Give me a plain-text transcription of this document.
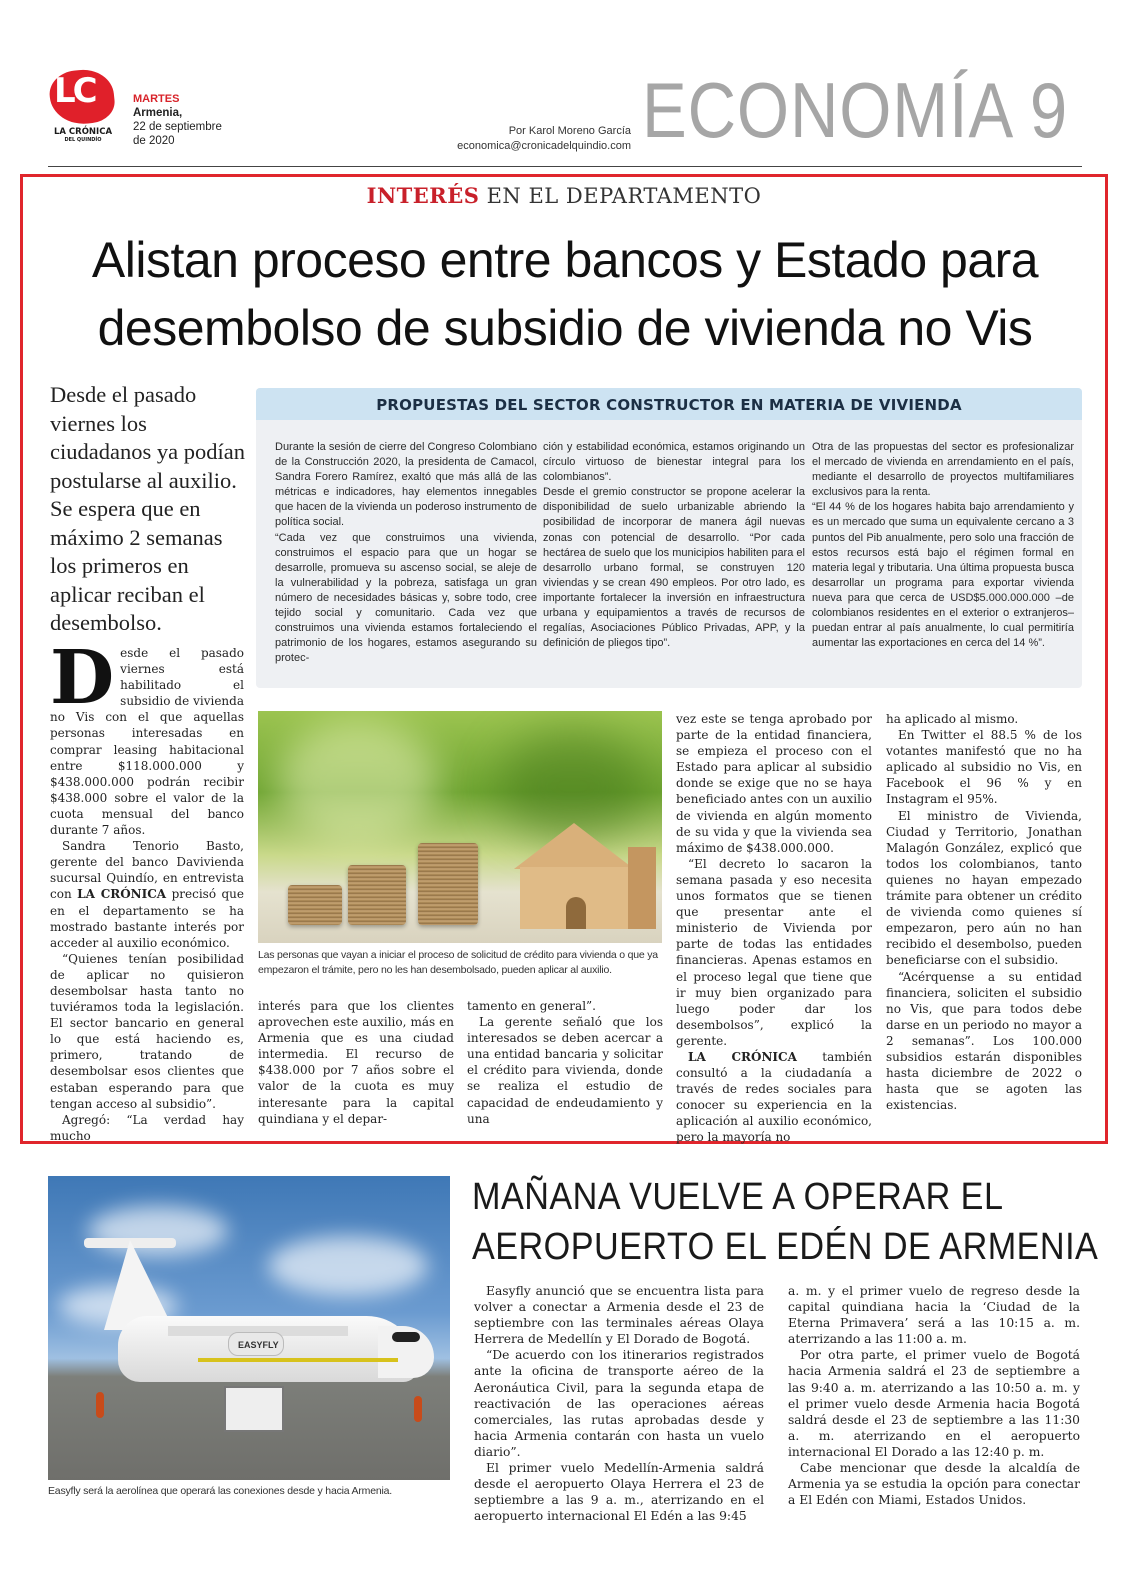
LC
LA CRÓNICA
DEL QUINDÍO
MARTES
Armenia,
22 de septiembre
de 2020
Por Karol Moreno García
economica@cronicadelquindio.com ECONOMÍA 9
INTERÉS EN EL DEPARTAMENTO
Alistan proceso entre bancos y Estado para
desembolso de subsidio de vivienda no Vis
Desde el pasado viernes los ciudadanos ya podían postularse al auxilio. Se espera que en máximo 2 semanas los primeros en aplicar reciban el desembolso.
D esde el pasado viernes está habilitado el subsidio de vivienda no Vis con el que aquellas personas interesadas en comprar leasing habitacional entre $118.000.000 y $438.000.000 podrán recibir $438.000 sobre el valor de la cuota mensual del banco durante 7 años.

Sandra Tenorio Basto, gerente del banco Davivienda sucursal Quindío, en entrevista con LA CRÓNICA precisó que en el departamento se ha mostrado bastante interés por acceder al auxilio económico.

“Quienes tenían posibilidad de aplicar no quisieron desembolsar hasta tanto no tuviéramos toda la legislación. El sector bancario en general lo que está haciendo es, primero, tratando de desembolsar esos clientes que estaban esperando para que tengan acceso al subsidio”.

Agregó: “La verdad hay mucho

PROPUESTAS DEL SECTOR CONSTRUCTOR EN MATERIA DE VIVIENDA

Durante la sesión de cierre del Congreso Colombiano de la Construcción 2020, la presidenta de Camacol, Sandra Forero Ramírez, exaltó que más allá de las métricas e indicadores, hay elementos innegables que hacen de la vivienda un poderoso instrumento de política social.

“Cada vez que construimos una vivienda, construimos el espacio para que un hogar se desarrolle, promueva su ascenso social, se aleje de la vulnerabilidad y la pobreza, satisfaga un gran número de necesidades básicas y, sobre todo, cree tejido social y comunitario. Cada vez que construimos una vivienda estamos fortaleciendo el patrimonio de los hogares, estamos asegurando su protec-

ción y estabilidad económica, estamos originando un círculo virtuoso de bienestar integral para los colombianos”.

Desde el gremio constructor se propone acelerar la disponibilidad de suelo urbanizable abriendo la posibilidad de incorporar de manera ágil nuevas zonas con potencial de desarrollo. “Por cada hectárea de suelo que los municipios habiliten para el desarrollo urbano formal, se construyen 120 viviendas y se crean 490 empleos. Por otro lado, es importante fortalecer la inversión en infraestructura urbana y equipamientos a través de recursos de regalías, Asociaciones Público Privadas, APP, y la definición de pliegos tipo”.

Otra de las propuestas del sector es profesionalizar el mercado de vivienda en arrendamiento en el país, mediante el desarrollo de proyectos multifamiliares exclusivos para la renta.

“El 44 % de los hogares habita bajo arrendamiento y es un mercado que suma un equivalente cercano a 3 puntos del Pib anualmente, pero solo una fracción de estos recursos está bajo el régimen formal en materia legal y tributaria. Una última propuesta busca desarrollar un programa para exportar vivienda nueva para que cerca de USD$5.000.000.000 –de colombianos residentes en el exterior o extranjeros– puedan entrar al país anualmente, lo cual permitiría aumentar las exportaciones en cerca del 14 %”.

Las personas que vayan a iniciar el proceso de solicitud de crédito para vivienda o que ya empezaron el trámite, pero no les han desembolsado, pueden aplicar al auxilio.

interés para que los clientes aprovechen este auxilio, más en Armenia que es una ciudad intermedia. El recurso de $438.000 por 7 años sobre el valor de la cuota es muy interesante para la capital quindiana y el depar-

tamento en general”.

La gerente señaló que los interesados se deben acercar a una entidad bancaria y solicitar el crédito para vivienda, donde se realiza el estudio de capacidad de endeudamiento y una

vez este se tenga aprobado por parte de la entidad financiera, se empieza el proceso con el Estado para aplicar al subsidio donde se exige que no se haya beneficiado antes con un auxilio de vivienda en algún momento de su vida y que la vivienda sea máximo de $438.000.000.

“El decreto lo sacaron la semana pasada y eso necesita unos formatos que se tienen que presentar ante el ministerio de Vivienda por parte de todas las entidades financieras. Apenas estamos en el proceso legal que tiene que ir muy bien organizado para luego poder dar los desembolsos”, explicó la gerente.

LA CRÓNICA también consultó a la ciudadanía a través de redes sociales para conocer su experiencia en la aplicación al auxilio económico, pero la mayoría no

ha aplicado al mismo.

En Twitter el 88.5 % de los votantes manifestó que no ha aplicado al subsidio no Vis, en Facebook el 96 % y en Instagram el 95%.

El ministro de Vivienda, Ciudad y Territorio, Jonathan Malagón González, explicó que todos los colombianos, tanto quienes no hayan empezado trámite para obtener un crédito de vivienda como quienes sí empezaron, pero aún no han recibido el desembolso, pueden beneficiarse con el subsidio.

“Acérquense a su entidad financiera, soliciten el subsidio no Vis, que para todos debe darse en un periodo no mayor a 2 semanas”. Los 100.000 subsidios estarán disponibles hasta diciembre de 2022 o hasta que se agoten las existencias.

EASYFLY
Easyfly será la aerolínea que operará las conexiones desde y hacia Armenia.
MAÑANA VUELVE A OPERAR EL
AEROPUERTO EL EDÉN DE ARMENIA

Easyfly anunció que se encuentra lista para volver a conectar a Armenia desde el 23 de septiembre con las terminales aéreas Olaya Herrera de Medellín y El Dorado de Bogotá.

“De acuerdo con los itinerarios registrados ante la oficina de transporte aéreo de la Aeronáutica Civil, para la segunda etapa de reactivación de las operaciones aéreas comerciales, las rutas aprobadas desde y hacia Armenia contarán con hasta un vuelo diario”.

El primer vuelo Medellín-Armenia saldrá desde el aeropuerto Olaya Herrera el 23 de septiembre a las 9 a. m., aterrizando en el aeropuerto internacional El Edén a las 9:45

a. m. y el primer vuelo de regreso desde la capital quindiana hacia la ‘Ciudad de la Eterna Primavera’ será a las 10:15 a. m. aterrizando a las 11:00 a. m.

Por otra parte, el primer vuelo de Bogotá hacia Armenia saldrá el 23 de septiembre a las 9:40 a. m. aterrizando a las 10:50 a. m. y el primer vuelo desde Armenia hacia Bogotá saldrá desde el 23 de septiembre a las 11:30 a. m. aterrizando en el aeropuerto internacional El Dorado a las 12:40 p. m.

Cabe mencionar que desde la alcaldía de Armenia ya se estudia la opción para conectar a El Edén con Miami, Estados Unidos.
